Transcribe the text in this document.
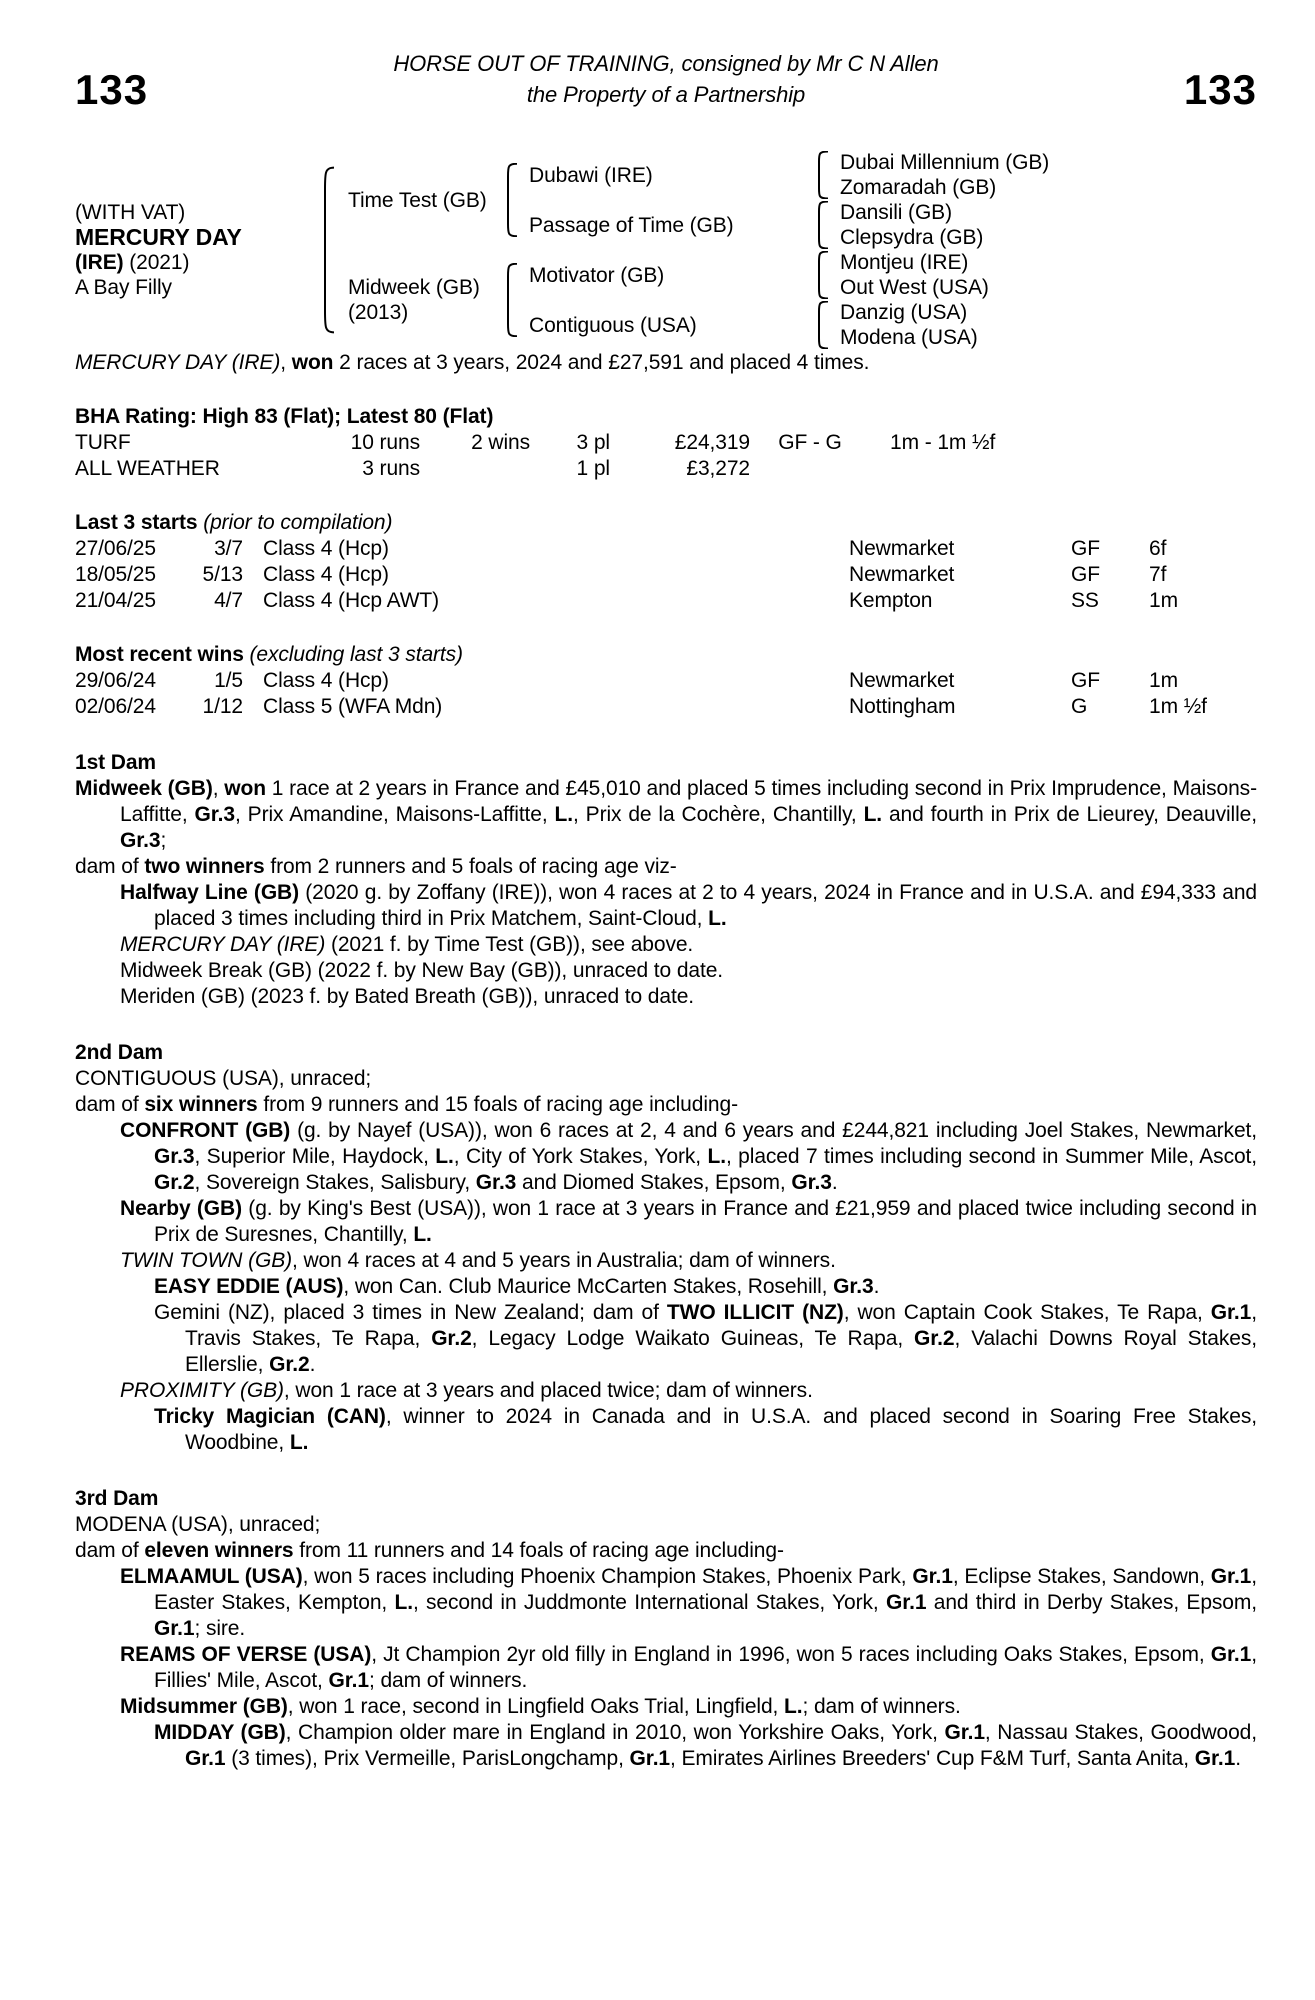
133
HORSE OUT OF TRAINING, consigned by Mr C N Allen
the Property of a Partnership	133
(WITH VAT)
MERCURY DAY
(IRE) (2021)
A Bay Filly
Time Test (GB)
Midweek (GB)
(2013)
Dubawi (IRE)
Passage of Time (GB)
Motivator (GB)
Contiguous (USA)
Dubai Millennium (GB)
Zomaradah (GB)
Dansili (GB)
Clepsydra (GB)
Montjeu (IRE)
Out West (USA)
Danzig (USA)
Modena (USA)

MERCURY DAY (IRE), won 2 races at 3 years, 2024 and £27,591 and placed 4 times.

BHA Rating: High 83 (Flat); Latest 80 (Flat)

TURF	10 runs	2 wins	3 pl	£24,319	GF - G	1m - 1m ½f
ALL WEATHER	3 runs	1 pl	£3,272

Last 3 starts (prior to compilation)

27/06/25	3/7 Class 4 (Hcp)	Newmarket	GF	6f
18/05/25	5/13 Class 4 (Hcp)	Newmarket	GF	7f
21/04/25	4/7 Class 4 (Hcp AWT)	Kempton	SS	1m

Most recent wins (excluding last 3 starts)

29/06/24	1/5 Class 4 (Hcp)	Newmarket	GF	1m
02/06/24	1/12 Class 5 (WFA Mdn)	Nottingham	G	1m ½f
1st Dam

Midweek (GB), won 1 race at 2 years in France and £45,010 and placed 5 times including second in Prix Imprudence, Maisons-Laffitte, Gr.3, Prix Amandine, Maisons-Laffitte, L., Prix de la Cochère, Chantilly, L. and fourth in Prix de Lieurey, Deauville, Gr.3;

dam of two winners from 2 runners and 5 foals of racing age viz-

Halfway Line (GB) (2020 g. by Zoffany (IRE)), won 4 races at 2 to 4 years, 2024 in France and in U.S.A. and £94,333 and placed 3 times including third in Prix Matchem, Saint-Cloud, L.

MERCURY DAY (IRE) (2021 f. by Time Test (GB)), see above.

Midweek Break (GB) (2022 f. by New Bay (GB)), unraced to date.

Meriden (GB) (2023 f. by Bated Breath (GB)), unraced to date.

2nd Dam

CONTIGUOUS (USA), unraced;

dam of six winners from 9 runners and 15 foals of racing age including-

CONFRONT (GB) (g. by Nayef (USA)), won 6 races at 2, 4 and 6 years and £244,821 including Joel Stakes, Newmarket, Gr.3, Superior Mile, Haydock, L., City of York Stakes, York, L., placed 7 times including second in Summer Mile, Ascot, Gr.2, Sovereign Stakes, Salisbury, Gr.3 and Diomed Stakes, Epsom, Gr.3.

Nearby (GB) (g. by King's Best (USA)), won 1 race at 3 years in France and £21,959 and placed twice including second in Prix de Suresnes, Chantilly, L.

TWIN TOWN (GB), won 4 races at 4 and 5 years in Australia; dam of winners.

EASY EDDIE (AUS), won Can. Club Maurice McCarten Stakes, Rosehill, Gr.3.

Gemini (NZ), placed 3 times in New Zealand; dam of TWO ILLICIT (NZ), won Captain Cook Stakes, Te Rapa, Gr.1, Travis Stakes, Te Rapa, Gr.2, Legacy Lodge Waikato Guineas, Te Rapa, Gr.2, Valachi Downs Royal Stakes, Ellerslie, Gr.2.

PROXIMITY (GB), won 1 race at 3 years and placed twice; dam of winners.

Tricky Magician (CAN), winner to 2024 in Canada and in U.S.A. and placed second in Soaring Free Stakes, Woodbine, L.

3rd Dam

MODENA (USA), unraced;

dam of eleven winners from 11 runners and 14 foals of racing age including-

ELMAAMUL (USA), won 5 races including Phoenix Champion Stakes, Phoenix Park, Gr.1, Eclipse Stakes, Sandown, Gr.1, Easter Stakes, Kempton, L., second in Juddmonte International Stakes, York, Gr.1 and third in Derby Stakes, Epsom, Gr.1; sire.

REAMS OF VERSE (USA), Jt Champion 2yr old filly in England in 1996, won 5 races including Oaks Stakes, Epsom, Gr.1, Fillies' Mile, Ascot, Gr.1; dam of winners.

Midsummer (GB), won 1 race, second in Lingfield Oaks Trial, Lingfield, L.; dam of winners.

MIDDAY (GB), Champion older mare in England in 2010, won Yorkshire Oaks, York, Gr.1, Nassau Stakes, Goodwood, Gr.1 (3 times), Prix Vermeille, ParisLongchamp, Gr.1, Emirates Airlines Breeders' Cup F&M Turf, Santa Anita, Gr.1.
